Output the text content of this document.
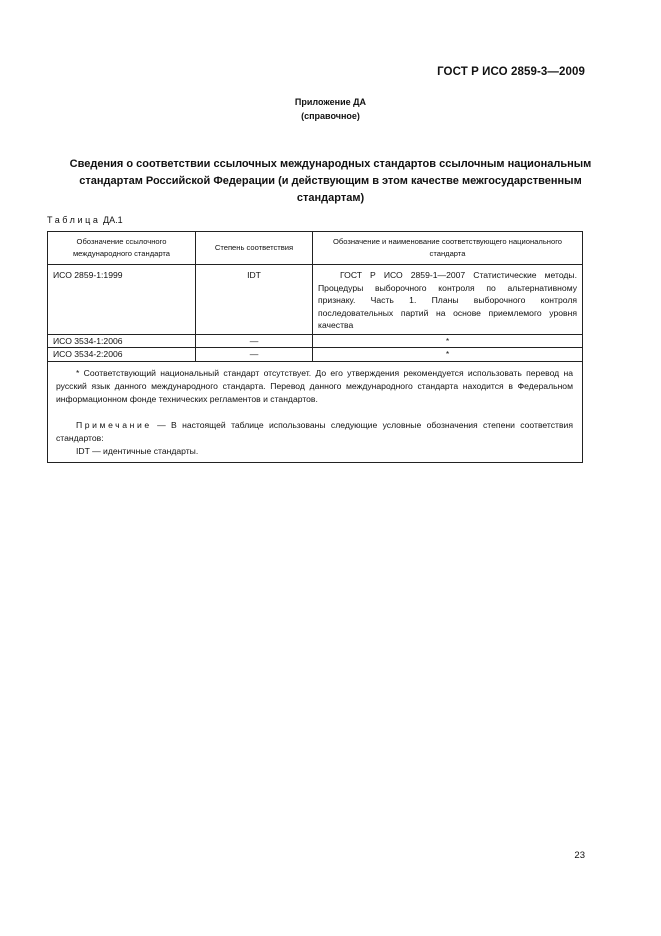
ГОСТ Р ИСО 2859-3—2009
Приложение ДА
(справочное)
Сведения о соответствии ссылочных международных стандартов ссылочным национальным стандартам Российской Федерации (и действующим в этом качестве межгосударственным стандартам)
Таблица ДА.1
Обозначение ссылочного международного стандарта	Степень соответствия	Обозначение и наименование соответствующего национального стандарта
ИСО 2859-1:1999	IDT	ГОСТ Р ИСО 2859-1—2007 Статистические методы. Процедуры выборочного контроля по альтернативному признаку. Часть 1. Планы выборочного контроля последовательных партий на основе приемлемого уровня качества
ИСО 3534-1:2006	—	*
ИСО 3534-2:2006	—	*

* Соответствующий национальный стандарт отсутствует. До его утверждения рекомендуется использовать перевод на русский язык данного международного стандарта. Перевод данного международного стандарта находится в Федеральном информационном фонде технических регламентов и стандартов.

Примечание — В настоящей таблице использованы следующие условные обозначения степени соответствия стандартов:

IDT — идентичные стандарты.		

23
